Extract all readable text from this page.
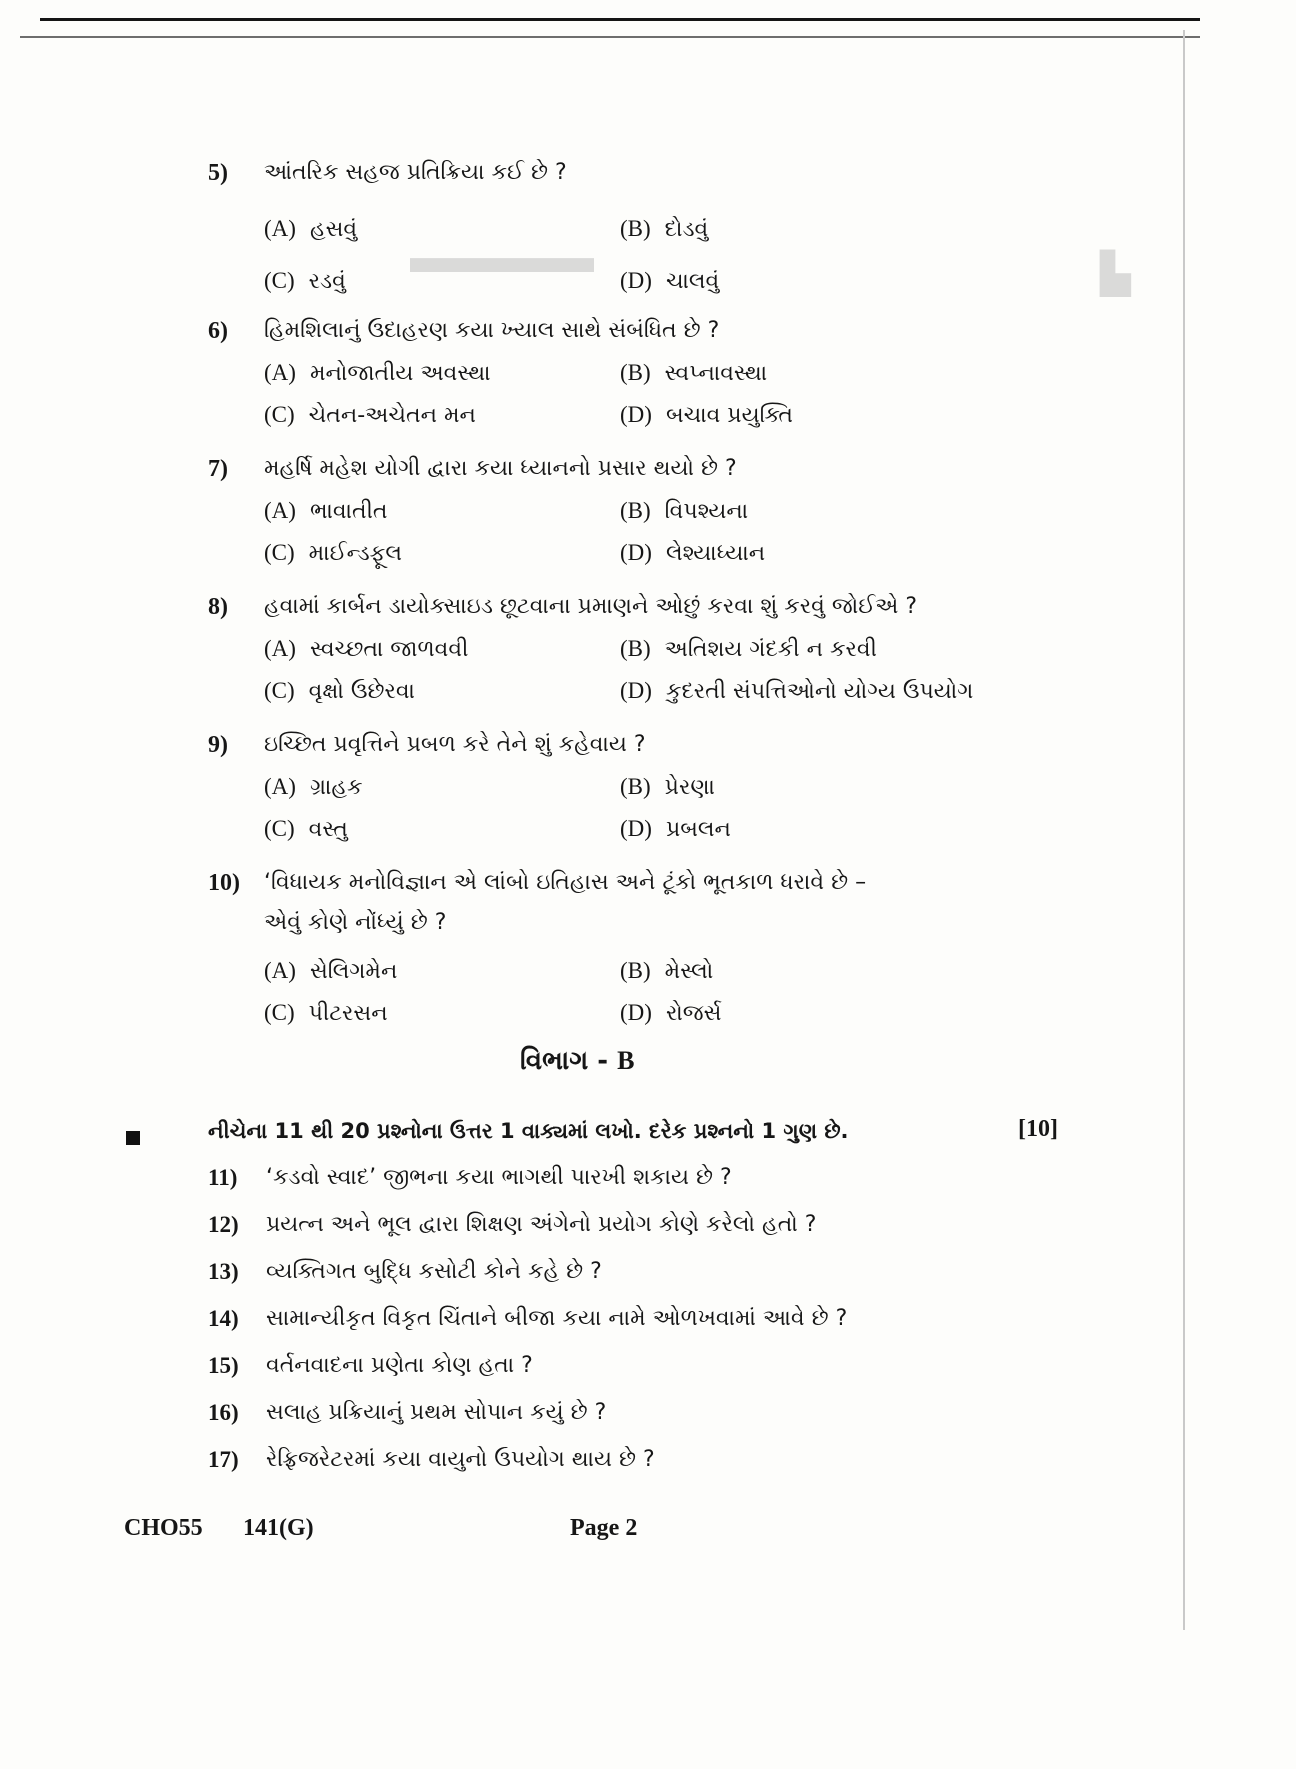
▬▬▬▬	▙
5) આંતરિક સહજ પ્રતિક્રિયા કઈ છે ?
(A) હસવું	(B) દોડવું
(C) રડવું	(D) ચાલવું
6) હિમશિલાનું ઉદાહરણ કયા ખ્યાલ સાથે સંબંધિત છે ?
(A) મનોજાતીય અવસ્થા	(B) સ્વપ્નાવસ્થા
(C) ચેતન-અચેતન મન	(D) બચાવ પ્રયુક્તિ
7) મહર્ષિ મહેશ યોગી દ્વારા કયા ધ્યાનનો પ્રસાર થયો છે ?
(A) ભાવાતીત	(B) વિપશ્યના
(C) માઈન્ડફૂલ	(D) લેશ્યાધ્યાન
8) હવામાં કાર્બન ડાયોક્સાઇડ છૂટવાના પ્રમાણને ઓછું કરવા શું કરવું જોઈએ ?
(A) સ્વચ્છતા જાળવવી	(B) અતિશય ગંદકી ન કરવી
(C) વૃક્ષો ઉછેરવા	(D) કુદરતી સંપત્તિઓનો યોગ્ય ઉપયોગ
9) ઇચ્છિત પ્રવૃત્તિને પ્રબળ કરે તેને શું કહેવાય ?
(A) ગ્રાહક	(B) પ્રેરણા
(C) વસ્તુ	(D) પ્રબલન
10) ‘વિધાયક મનોવિજ્ઞાન એ લાંબો ઇતિહાસ અને ટૂંકો ભૂતકાળ ધરાવે છે –
એવું કોણે નોંધ્યું છે ?
(A) સેલિગમેન	(B) મેસ્લો
(C) પીટરસન	(D) રોજર્સ
વિભાગ - B
નીચેના 11 થી 20 પ્રશ્નોના ઉત્તર 1 વાક્યમાં લખો. દરેક પ્રશ્નનો 1 ગુણ છે.	[10]
11) ‘કડવો સ્વાદ’ જીભના કયા ભાગથી પારખી શકાય છે ?
12) પ્રયત્ન અને ભૂલ દ્વારા શિક્ષણ અંગેનો પ્રયોગ કોણે કરેલો હતો ?
13) વ્યક્તિગત બુદ્ધિ કસોટી કોને કહે છે ?
14) સામાન્યીકૃત વિકૃત ચિંતાને બીજા કયા નામે ઓળખવામાં આવે છે ?
15) વર્તનવાદના પ્રણેતા કોણ હતા ?
16) સલાહ પ્રક્રિયાનું પ્રથમ સોપાન કયું છે ?
17) રેફ્રિજરેટરમાં કયા વાયુનો ઉપયોગ થાય છે ?
CHO55 141(G)	Page 2
